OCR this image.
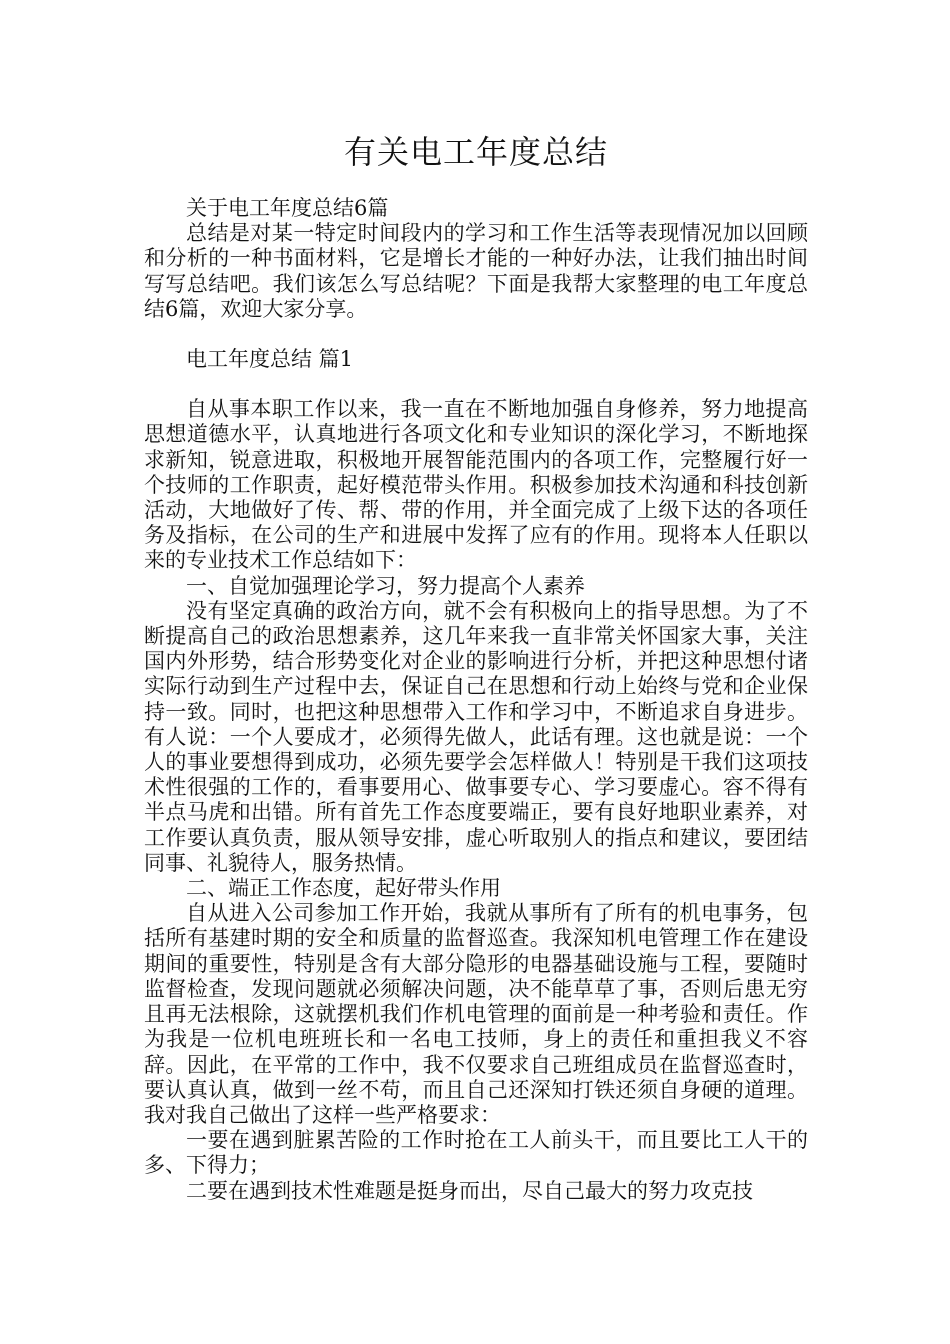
有关电工年度总结

关于电工年度总结6篇

总结是对某一特定时间段内的学习和工作生活等表现情况加以回顾和分析的一种书面材料，它是增长才能的一种好办法，让我们抽出时间写写总结吧。我们该怎么写总结呢？下面是我帮大家整理的电工年度总结6篇，欢迎大家分享。

电工年度总结 篇1

自从事本职工作以来，我一直在不断地加强自身修养，努力地提高思想道德水平，认真地进行各项文化和专业知识的深化学习，不断地探求新知，锐意进取，积极地开展智能范围内的各项工作，完整履行好一个技师的工作职责，起好模范带头作用。积极参加技术沟通和科技创新活动，大地做好了传、帮、带的作用，并全面完成了上级下达的各项任务及指标，在公司的生产和进展中发挥了应有的作用。现将本人任职以来的专业技术工作总结如下：

一、自觉加强理论学习，努力提高个人素养

没有坚定真确的政治方向，就不会有积极向上的指导思想。为了不断提高自己的政治思想素养，这几年来我一直非常关怀国家大事，关注国内外形势，结合形势变化对企业的影响进行分析，并把这种思想付诸实际行动到生产过程中去，保证自己在思想和行动上始终与党和企业保持一致。同时，也把这种思想带入工作和学习中，不断追求自身进步。有人说：一个人要成才，必须得先做人，此话有理。这也就是说：一个人的事业要想得到成功，必须先要学会怎样做人！特别是干我们这项技术性很强的工作的，看事要用心、做事要专心、学习要虚心。容不得有半点马虎和出错。所有首先工作态度要端正，要有良好地职业素养，对工作要认真负责，服从领导安排，虚心听取别人的指点和建议，要团结同事、礼貌待人，服务热情。

二、端正工作态度，起好带头作用

自从进入公司参加工作开始，我就从事所有了所有的机电事务，包括所有基建时期的安全和质量的监督巡查。我深知机电管理工作在建设期间的重要性，特别是含有大部分隐形的电器基础设施与工程，要随时监督检查，发现问题就必须解决问题，决不能草草了事，否则后患无穷且再无法根除，这就摆机我们作机电管理的面前是一种考验和责任。作为我是一位机电班班长和一名电工技师，身上的责任和重担我义不容辞。因此，在平常的工作中，我不仅要求自己班组成员在监督巡查时，要认真认真，做到一丝不苟，而且自己还深知打铁还须自身硬的道理。我对我自己做出了这样一些严格要求：

一要在遇到脏累苦险的工作时抢在工人前头干，而且要比工人干的多、下得力；

二要在遇到技术性难题是挺身而出，尽自己最大的努力攻克技
